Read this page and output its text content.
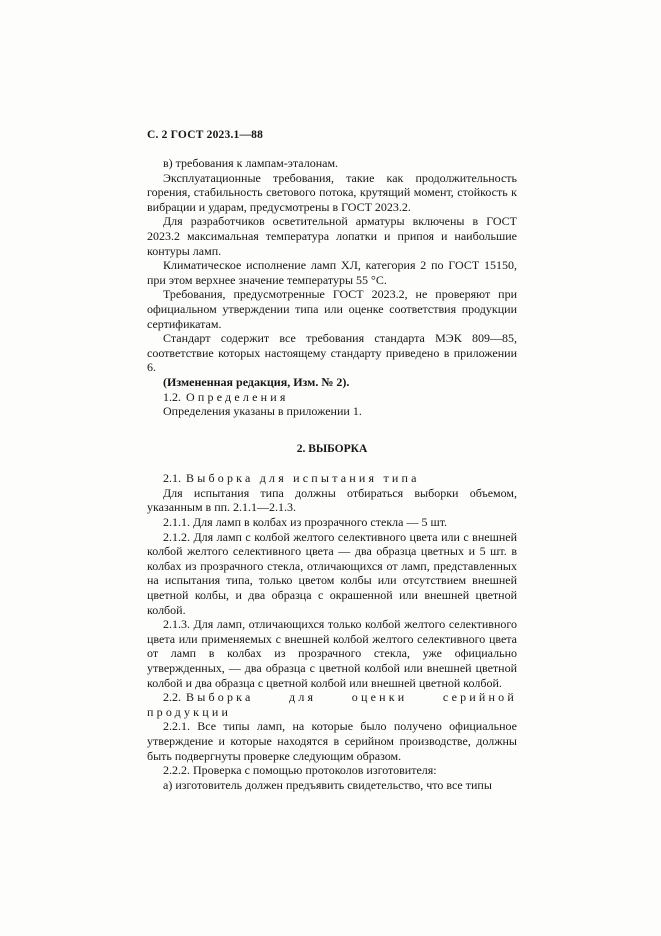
С. 2 ГОСТ 2023.1—88

в) требования к лампам-эталонам.

Эксплуатационные требования, такие как продолжительность горения, стабильность светового потока, крутящий момент, стойкость к вибрации и ударам, предусмотрены в ГОСТ 2023.2.

Для разработчиков осветительной арматуры включены в ГОСТ 2023.2 максимальная температура лопатки и припоя и наибольшие контуры ламп.

Климатическое исполнение ламп ХЛ, категория 2 по ГОСТ 15150, при этом верхнее значение температуры 55 °С.

Требования, предусмотренные ГОСТ 2023.2, не проверяют при официальном утверждении типа или оценке соответствия продукции сертификатам.

Стандарт содержит все требования стандарта МЭК 809—85, соответствие которых настоящему стандарту приведено в приложении 6.

(Измененная редакция, Изм. № 2).

1.2. Определения

Определения указаны в приложении 1.

2. ВЫБОРКА

2.1. Выборка для испытания типа

Для испытания типа должны отбираться выборки объемом, указанным в пп. 2.1.1—2.1.3.

2.1.1. Для ламп в колбах из прозрачного стекла — 5 шт.

2.1.2. Для ламп с колбой желтого селективного цвета или с внешней колбой желтого селективного цвета — два образца цветных и 5 шт. в колбах из прозрачного стекла, отличающихся от ламп, представленных на испытания типа, только цветом колбы или отсутствием внешней цветной колбы, и два образца с окрашенной или внешней цветной колбой.

2.1.3. Для ламп, отличающихся только колбой желтого селективного цвета или применяемых с внешней колбой желтого селективного цвета от ламп в колбах из прозрачного стекла, уже официально утвержденных, — два образца с цветной колбой или внешней цветной колбой и два образца с цветной колбой или внешней цветной колбой.

2.2. Выборка для оценки серийной продукции

2.2.1. Все типы ламп, на которые было получено официальное утверждение и которые находятся в серийном производстве, должны быть подвергнуты проверке следующим образом.

2.2.2. Проверка с помощью протоколов изготовителя:

а) изготовитель должен предъявить свидетельство, что все типы
